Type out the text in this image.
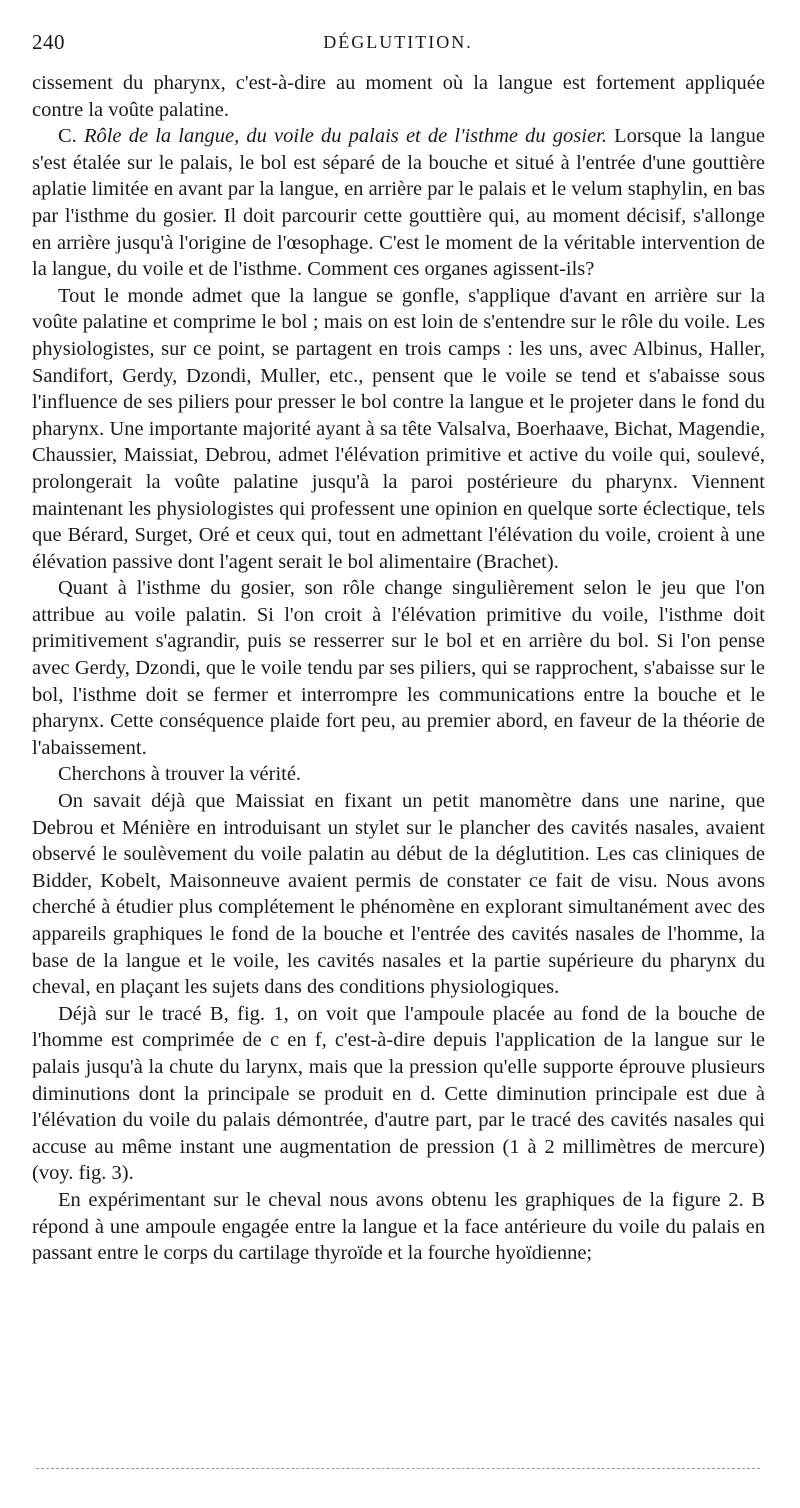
240	DÉGLUTITION.

cissement du pharynx, c'est-à-dire au moment où la langue est fortement appliquée contre la voûte palatine.

C. Rôle de la langue, du voile du palais et de l'isthme du gosier. Lorsque la langue s'est étalée sur le palais, le bol est séparé de la bouche et situé à l'entrée d'une gouttière aplatie limitée en avant par la langue, en arrière par le palais et le velum staphylin, en bas par l'isthme du gosier. Il doit parcourir cette gouttière qui, au moment décisif, s'allonge en arrière jusqu'à l'origine de l'œsophage. C'est le moment de la véritable intervention de la langue, du voile et de l'isthme. Comment ces organes agissent-ils?

Tout le monde admet que la langue se gonfle, s'applique d'avant en arrière sur la voûte palatine et comprime le bol ; mais on est loin de s'entendre sur le rôle du voile. Les physiologistes, sur ce point, se partagent en trois camps : les uns, avec Albinus, Haller, Sandifort, Gerdy, Dzondi, Muller, etc., pensent que le voile se tend et s'abaisse sous l'influence de ses piliers pour presser le bol contre la langue et le projeter dans le fond du pharynx. Une importante majorité ayant à sa tête Valsalva, Boerhaave, Bichat, Magendie, Chaussier, Maissiat, Debrou, admet l'élévation primitive et active du voile qui, soulevé, prolongerait la voûte palatine jusqu'à la paroi postérieure du pharynx. Viennent maintenant les physiologistes qui professent une opinion en quelque sorte éclectique, tels que Bérard, Surget, Oré et ceux qui, tout en admettant l'élévation du voile, croient à une élévation passive dont l'agent serait le bol alimentaire (Brachet).

Quant à l'isthme du gosier, son rôle change singulièrement selon le jeu que l'on attribue au voile palatin. Si l'on croit à l'élévation primitive du voile, l'isthme doit primitivement s'agrandir, puis se resserrer sur le bol et en arrière du bol. Si l'on pense avec Gerdy, Dzondi, que le voile tendu par ses piliers, qui se rapprochent, s'abaisse sur le bol, l'isthme doit se fermer et interrompre les communications entre la bouche et le pharynx. Cette conséquence plaide fort peu, au premier abord, en faveur de la théorie de l'abaissement.

Cherchons à trouver la vérité.

On savait déjà que Maissiat en fixant un petit manomètre dans une narine, que Debrou et Ménière en introduisant un stylet sur le plancher des cavités nasales, avaient observé le soulèvement du voile palatin au début de la déglutition. Les cas cliniques de Bidder, Kobelt, Maisonneuve avaient permis de constater ce fait de visu. Nous avons cherché à étudier plus complétement le phénomène en explorant simultanément avec des appareils graphiques le fond de la bouche et l'entrée des cavités nasales de l'homme, la base de la langue et le voile, les cavités nasales et la partie supérieure du pharynx du cheval, en plaçant les sujets dans des conditions physiologiques.

Déjà sur le tracé B, fig. 1, on voit que l'ampoule placée au fond de la bouche de l'homme est comprimée de c en f, c'est-à-dire depuis l'application de la langue sur le palais jusqu'à la chute du larynx, mais que la pression qu'elle supporte éprouve plusieurs diminutions dont la principale se produit en d. Cette diminution principale est due à l'élévation du voile du palais démontrée, d'autre part, par le tracé des cavités nasales qui accuse au même instant une augmentation de pression (1 à 2 millimètres de mercure) (voy. fig. 3).

En expérimentant sur le cheval nous avons obtenu les graphiques de la figure 2. B répond à une ampoule engagée entre la langue et la face antérieure du voile du palais en passant entre le corps du cartilage thyroïde et la fourche hyoïdienne;
